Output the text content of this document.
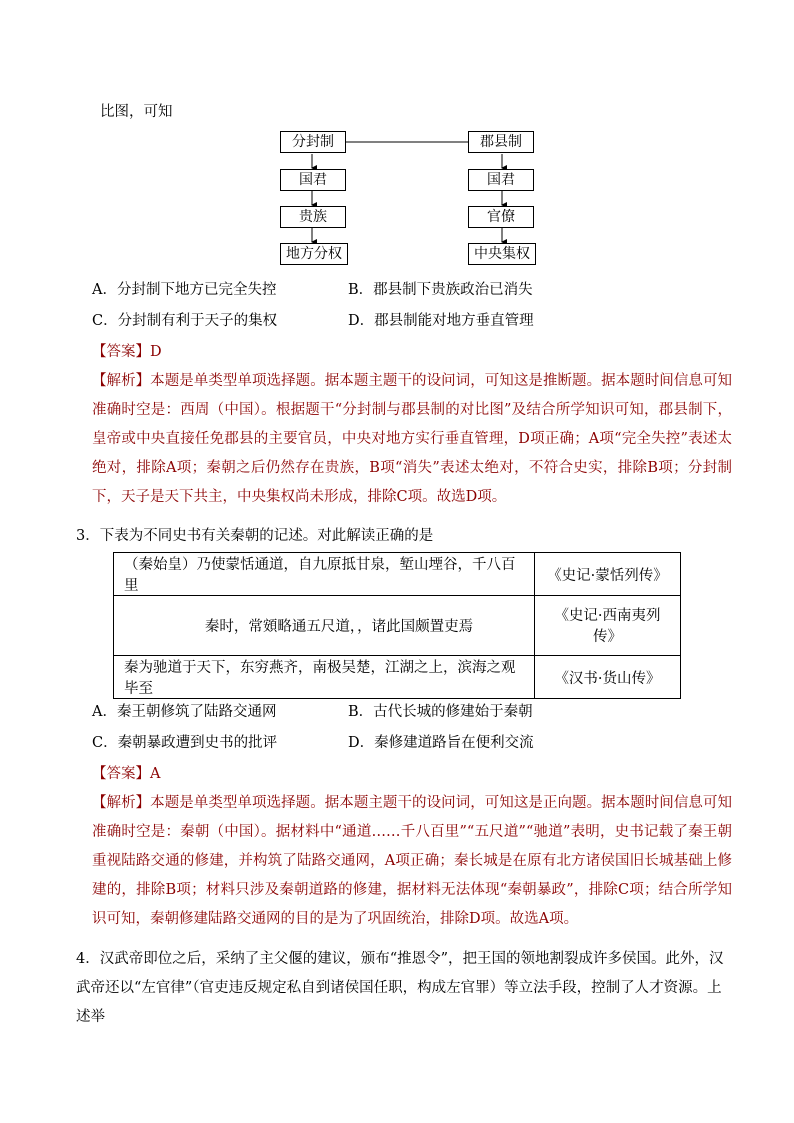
比图，可知
分封制
国君
贵族
地方分权
郡县制
国君
官僚
中央集权
A．分封制下地方已完全失控	B．郡县制下贵族政治已消失
C．分封制有利于天子的集权	D．郡县制能对地方垂直管理
【答案】D
【解析】本题是单类型单项选择题。据本题主题干的设问词，可知这是推断题。据本题时间信息可知准确时空是：西周（中国）。根据题干“分封制与郡县制的对比图”及结合所学知识可知，郡县制下，皇帝或中央直接任免郡县的主要官员，中央对地方实行垂直管理，D项正确；A项“完全失控”表述太绝对，排除A项；秦朝之后仍然存在贵族，B项“消失”表述太绝对，不符合史实，排除B项；分封制下，天子是天下共主，中央集权尚未形成，排除C项。故选D项。
3．下表为不同史书有关秦朝的记述。对此解读正确的是
（秦始皇）乃使蒙恬通道，自九原抵甘泉，堑山堙谷，千八百里	《史记·蒙恬列传》
秦时，常頞略通五尺道，，诸此国颇置吏焉	《史记·西南夷列传》
秦为驰道于天下，东穷燕齐，南极吴楚，江湖之上，滨海之观毕至	《汉书·货山传》
A．秦王朝修筑了陆路交通网	B．古代长城的修建始于秦朝
C．秦朝暴政遭到史书的批评	D．秦修建道路旨在便利交流
【答案】A
【解析】本题是单类型单项选择题。据本题主题干的设问词，可知这是正向题。据本题时间信息可知准确时空是：秦朝（中国）。据材料中“通道……千八百里”“五尺道”“驰道”表明，史书记载了秦王朝重视陆路交通的修建，并构筑了陆路交通网，A项正确；秦长城是在原有北方诸侯国旧长城基础上修建的，排除B项；材料只涉及秦朝道路的修建，据材料无法体现“秦朝暴政”，排除C项；结合所学知识可知，秦朝修建陆路交通网的目的是为了巩固统治，排除D项。故选A项。
4．汉武帝即位之后，采纳了主父偃的建议，颁布“推恩令”，把王国的领地割裂成许多侯国。此外，汉武帝还以“左官律”（官吏违反规定私自到诸侯国任职，构成左官罪）等立法手段，控制了人才资源。上述举
